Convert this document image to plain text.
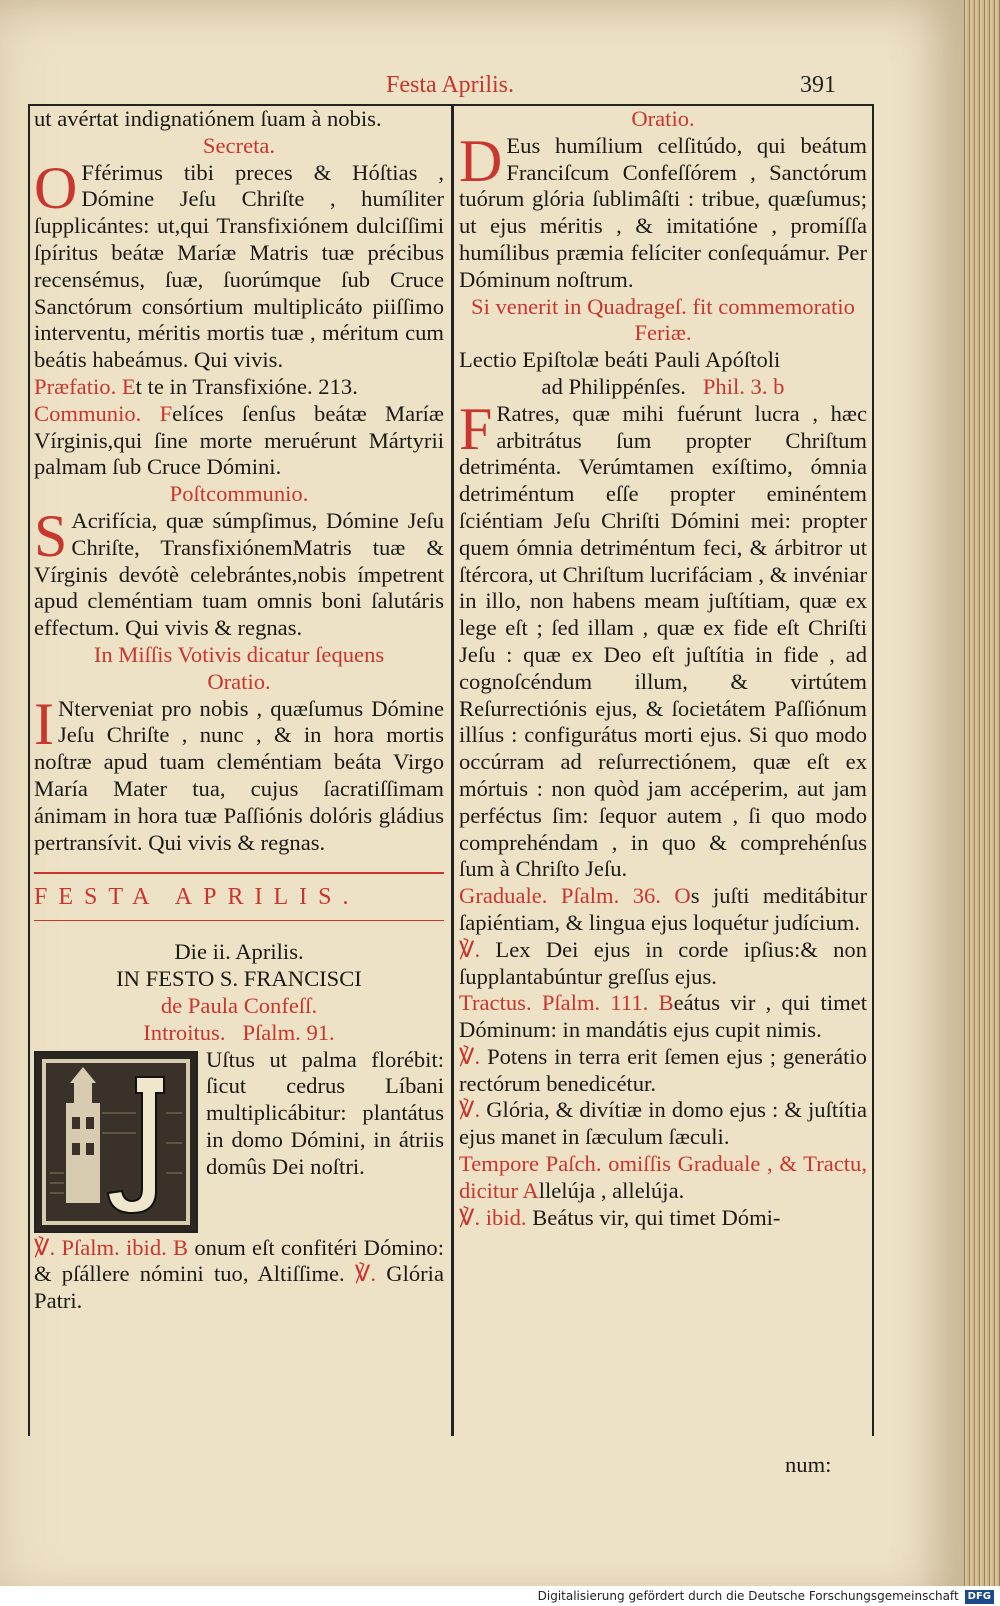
Festa Aprilis.	391

ut avértat indignatiónem ſuam à nobis.

Secreta.

O Fférimus tibi preces & Hóſtias , Dómine Jeſu Chriſte , humíliter ſupplicántes: ut,qui Transfixiónem dulciſſimi ſpíritus beátæ Maríæ Matris tuæ précibus recensémus, ſuæ, ſuorúmque ſub Cruce Sanctórum consórtium multiplicáto piiſſimo interventu, méritis mortis tuæ , méritum cum beátis habeámus. Qui vivis.

Præfatio. Et te in Transfixióne. 213.

Communio. Felíces ſenſus beátæ Maríæ Vírginis,qui ſine morte meruérunt Mártyrii palmam ſub Cruce Dómini.

Poſtcommunio.

S Acrifícia, quæ súmpſimus, Dómine Jeſu Chriſte, TransfixiónemMatris tuæ & Vírginis devótè celebrántes,nobis ímpetrent apud cleméntiam tuam omnis boni ſalutáris effectum. Qui vivis & regnas.

In Miſſis Votivis dicatur ſequens
Oratio.

I Nterveniat pro nobis , quæſumus Dómine Jeſu Chriſte , nunc , & in hora mortis noſtræ apud tuam cleméntiam beáta Virgo María Mater tua, cujus ſacratiſſimam ánimam in hora tuæ Paſſiónis dolóris gládius pertransívit. Qui vivis & regnas.

FESTA APRILIS.

Die ii. Aprilis.

IN FESTO S. FRANCISCI

de Paula Confeſſ.

Introitus.   Pſalm. 91.

Uſtus ut palma florébit: ſicut cedrus Líbani multiplicábitur: plantátus in domo Dómini, in átriis domûs Dei noſtri.

℣. Pſalm. ibid. B onum eſt confitéri Dómino: & pſállere nómini tuo, Altiſſime. ℣. Glória Patri.

Oratio.

D Eus humílium celſitúdo, qui beátum Franciſcum Confeſſórem , Sanctórum tuórum glória ſublimâſti : tribue, quæſumus; ut ejus méritis , & imitatióne , promíſſa humílibus præmia felíciter conſequámur. Per Dóminum noſtrum.

Si venerit in Quadrageſ. fit commemoratio Feriæ.

Lectio Epiſtolæ beáti Pauli Apóſtoli

ad Philippénſes. Phil. 3. b

F Ratres, quæ mihi fuérunt lucra , hæc arbitrátus ſum propter Chriſtum detriménta. Verúmtamen exíſtimo, ómnia detriméntum eſſe propter eminéntem ſciéntiam Jeſu Chriſti Dómini mei: propter quem ómnia detriméntum feci, & árbitror ut ſtércora, ut Chriſtum lucrifáciam , & invéniar in illo, non habens meam juſtítiam, quæ ex lege eſt ; ſed illam , quæ ex fide eſt Chriſti Jeſu : quæ ex Deo eſt juſtítia in fide , ad cognoſcéndum illum, & virtútem Reſurrectiónis ejus, & ſocietátem Paſſiónum illíus : configurátus morti ejus. Si quo modo occúrram ad reſurrectiónem, quæ eſt ex mórtuis : non quòd jam accéperim, aut jam perféctus ſim: ſequor autem , ſi quo modo comprehéndam , in quo & comprehénſus ſum à Chriſto Jeſu.

Graduale. Pſalm. 36. Os juſti meditábitur ſapiéntiam, & lingua ejus loquétur judícium.

℣. Lex Dei ejus in corde ipſius:& non ſupplantabúntur greſſus ejus.

Tractus. Pſalm. 111. Beátus vir , qui timet Dóminum: in mandátis ejus cupit nimis.

℣. Potens in terra erit ſemen ejus ; generátio rectórum benedicétur.

℣. Glória, & divítiæ in domo ejus : & juſtítia ejus manet in ſæculum ſæculi.

Tempore Paſch. omiſſis Graduale , & Tractu, dicitur Allelúja , allelúja.

℣. ibid. Beátus vir, qui timet Dómi-

num:
Digitalisierung gefördert durch die Deutsche Forschungsgemeinschaft DFG
